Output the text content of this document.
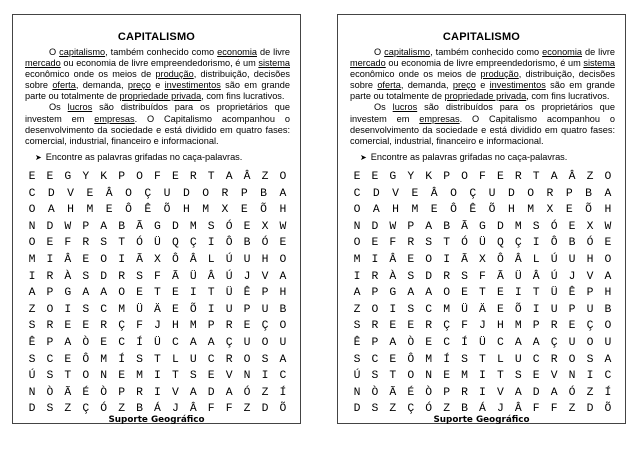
CAPITALISMO

O capitalismo, também conhecido como economia de livre mercado ou economia de livre empreendedorismo, é um sistema econômico onde os meios de produção, distribuição, decisões sobre oferta, demanda, preço e investimentos são em grande parte ou totalmente de propriedade privada, com fins lucrativos.

Os lucros são distribuídos para os proprietários que investem em empresas. O Capitalismo acompanhou o desenvolvimento da sociedade e está dividido em quatro fases: comercial, industrial, financeiro e informacional.

➤ Encontre as palavras grifadas no caça-palavras.
E E G Y K P O F E R T A Â Z O
C	D	V	E	Â	O	Ç	U	D	O	R	P	B	A
O	A	H	M	E	Ô	Ê	Õ	H	M	X	E	Õ	H
N D W P A B Ã G D M S Ó E X W
O E F R S T Ó Ü Q Ç I Ô B Ó E
M I Â E O I Ã X Ô Â L Ú U H O
I R À S D R S F Ã Ü Â Ú J V A
A P G A A O E T E I T Ü Ê P H
Z O I S C M Ü Ä E Õ I U P U B
S R E E R Ç F J H M P R E Ç O
Ê P A Ò E C Í Ü C A A Ç U O U
S C E Ô M Í S T L U C R O S A
Ú S T O N E M I T S E V N I C
N Ò Ã É Ò P R I V A D A Ó Z Í
D S Z Ç Ó Z B Á J Â F F Z D Õ
Suporte Geográfico
CAPITALISMO

O capitalismo, também conhecido como economia de livre mercado ou economia de livre empreendedorismo, é um sistema econômico onde os meios de produção, distribuição, decisões sobre oferta, demanda, preço e investimentos são em grande parte ou totalmente de propriedade privada, com fins lucrativos.

Os lucros são distribuídos para os proprietários que investem em empresas. O Capitalismo acompanhou o desenvolvimento da sociedade e está dividido em quatro fases: comercial, industrial, financeiro e informacional.

➤ Encontre as palavras grifadas no caça-palavras.
E E G Y K P O F E R T A Â Z O
C	D	V	E	Â	O	Ç	U	D	O	R	P	B	A
O	A	H	M	E	Ô	Ê	Õ	H	M	X	E	Õ	H
N D W P A B Ã G D M S Ó E X W
O E F R S T Ó Ü Q Ç I Ô B Ó E
M I Â E O I Ã X Ô Â L Ú U H O
I R À S D R S F Ã Ü Â Ú J V A
A P G A A O E T E I T Ü Ê P H
Z O I S C M Ü Ä E Õ I U P U B
S R E E R Ç F J H M P R E Ç O
Ê P A Ò E C Í Ü C A A Ç U O U
S C E Ô M Í S T L U C R O S A
Ú S T O N E M I T S E V N I C
N Ò Ã É Ò P R I V A D A Ó Z Í
D S Z Ç Ó Z B Á J Â F F Z D Õ
Suporte Geográfico
